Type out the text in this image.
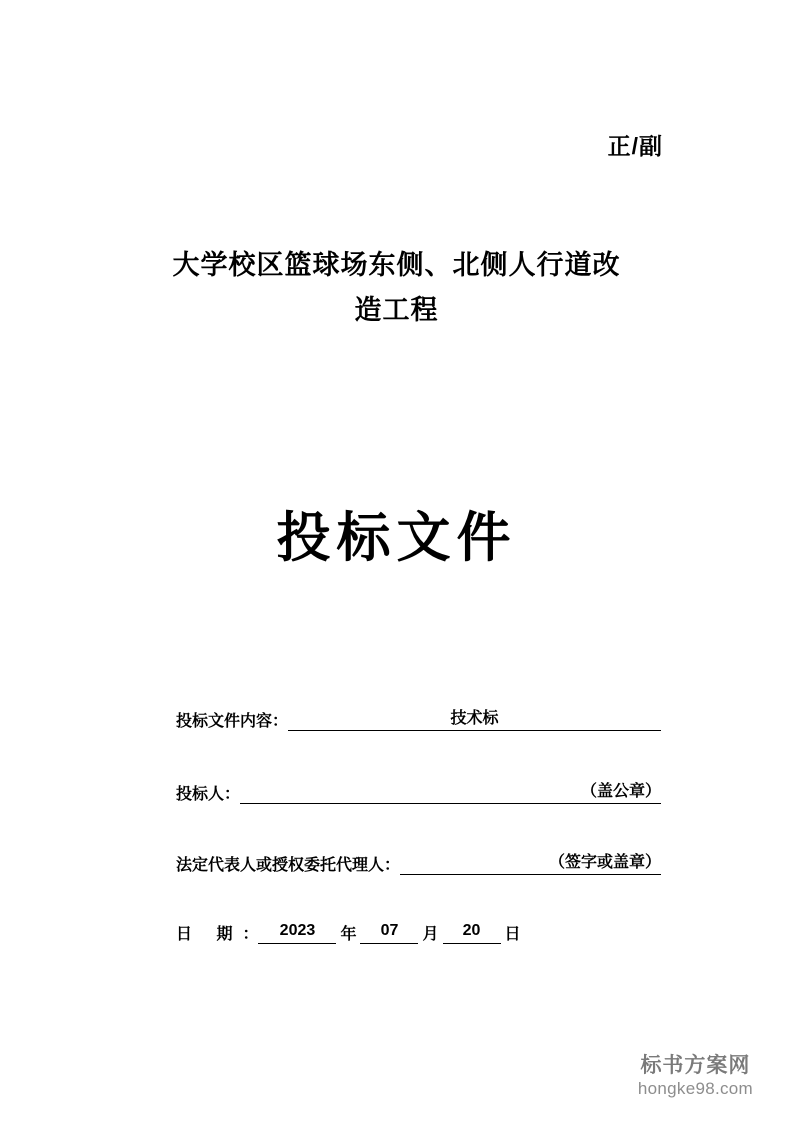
正/副
大学校区篮球场东侧、北侧人行道改
造工程
投标文件
投标文件内容：	技术标
投标人：	（盖公章）
法定代表人或授权委托代理人：	（签字或盖章）
日 期 ：	2023	年	07	月	20	日
标书方案网
hongke98.com
